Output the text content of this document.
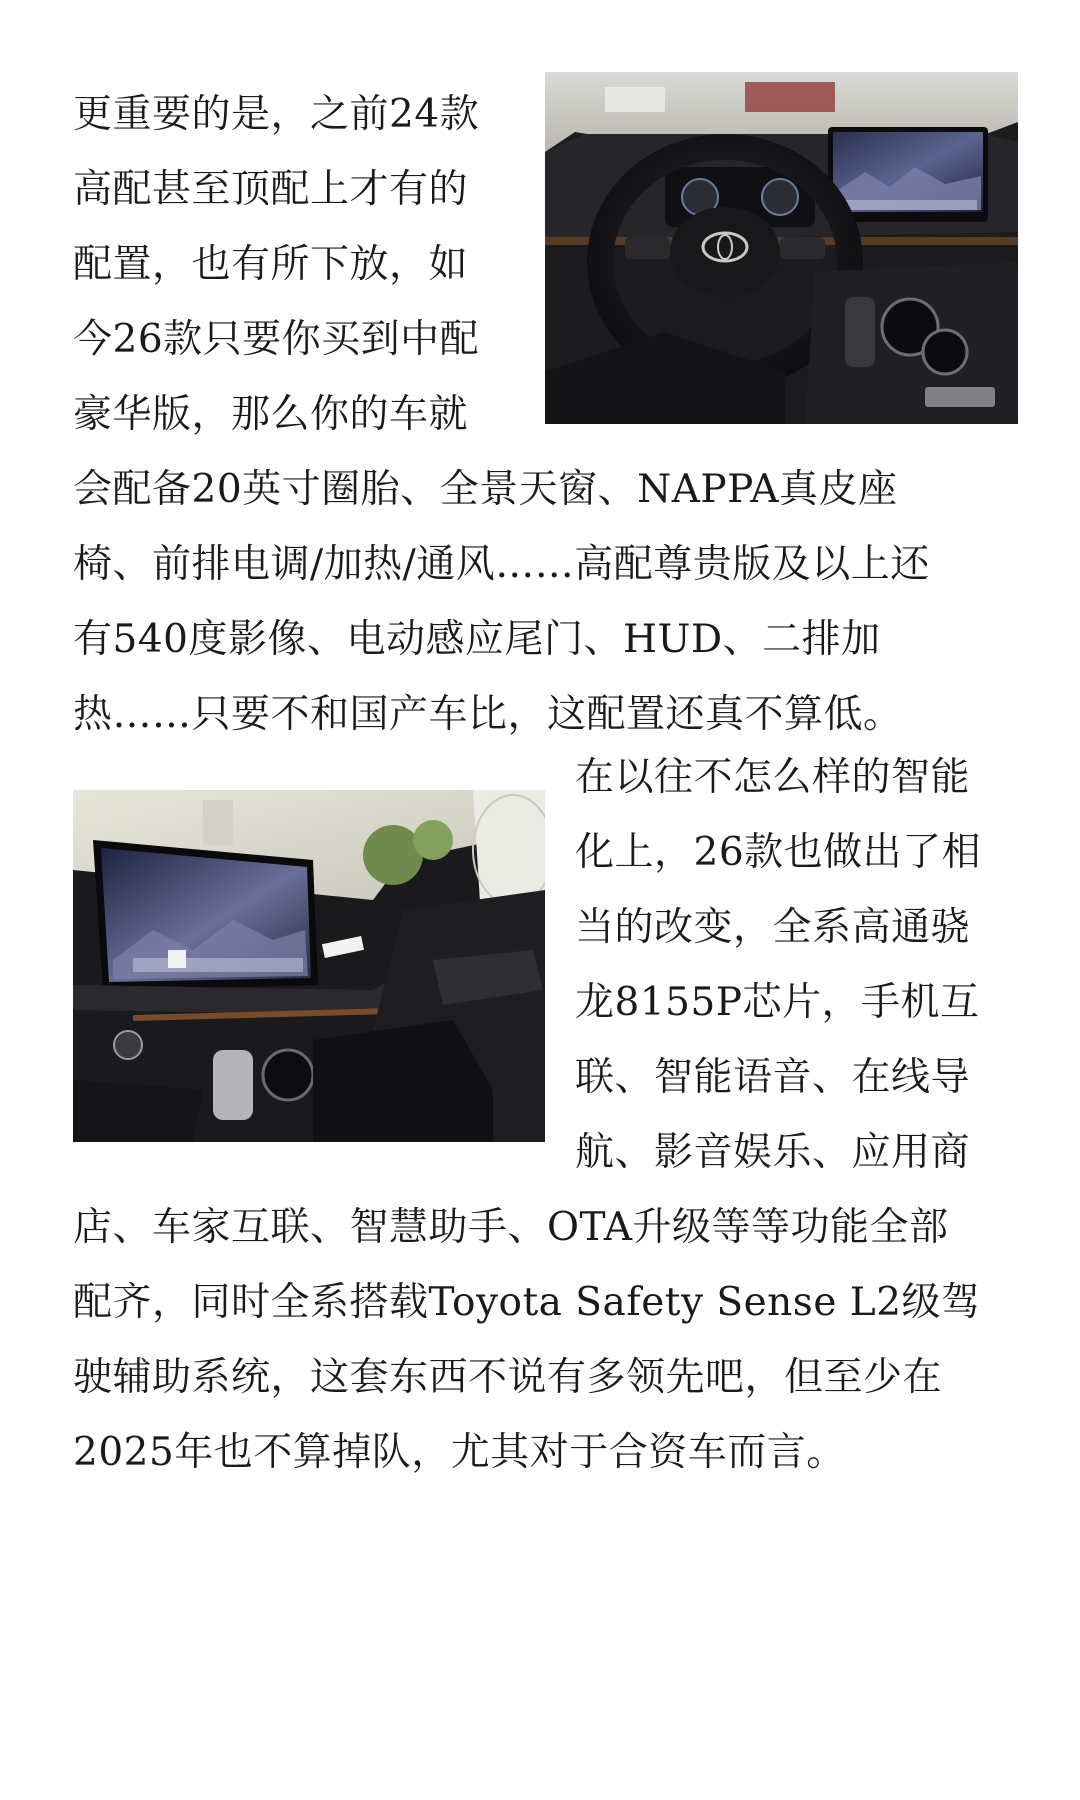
更重要的是，之前24款
高配甚至顶配上才有的
配置，也有所下放，如
今26款只要你买到中配
豪华版，那么你的车就
会配备20英寸圈胎、全景天窗、NAPPA真皮座
椅、前排电调/加热/通风……高配尊贵版及以上还
有540度影像、电动感应尾门、HUD、二排加
热……只要不和国产车比，这配置还真不算低。
在以往不怎么样的智能
化上，26款也做出了相
当的改变，全系高通骁
龙8155P芯片，手机互
联、智能语音、在线导
航、影音娱乐、应用商
店、车家互联、智慧助手、OTA升级等等功能全部
配齐，同时全系搭载Toyota Safety Sense L2级驾
驶辅助系统，这套东西不说有多领先吧，但至少在
2025年也不算掉队，尤其对于合资车而言。
